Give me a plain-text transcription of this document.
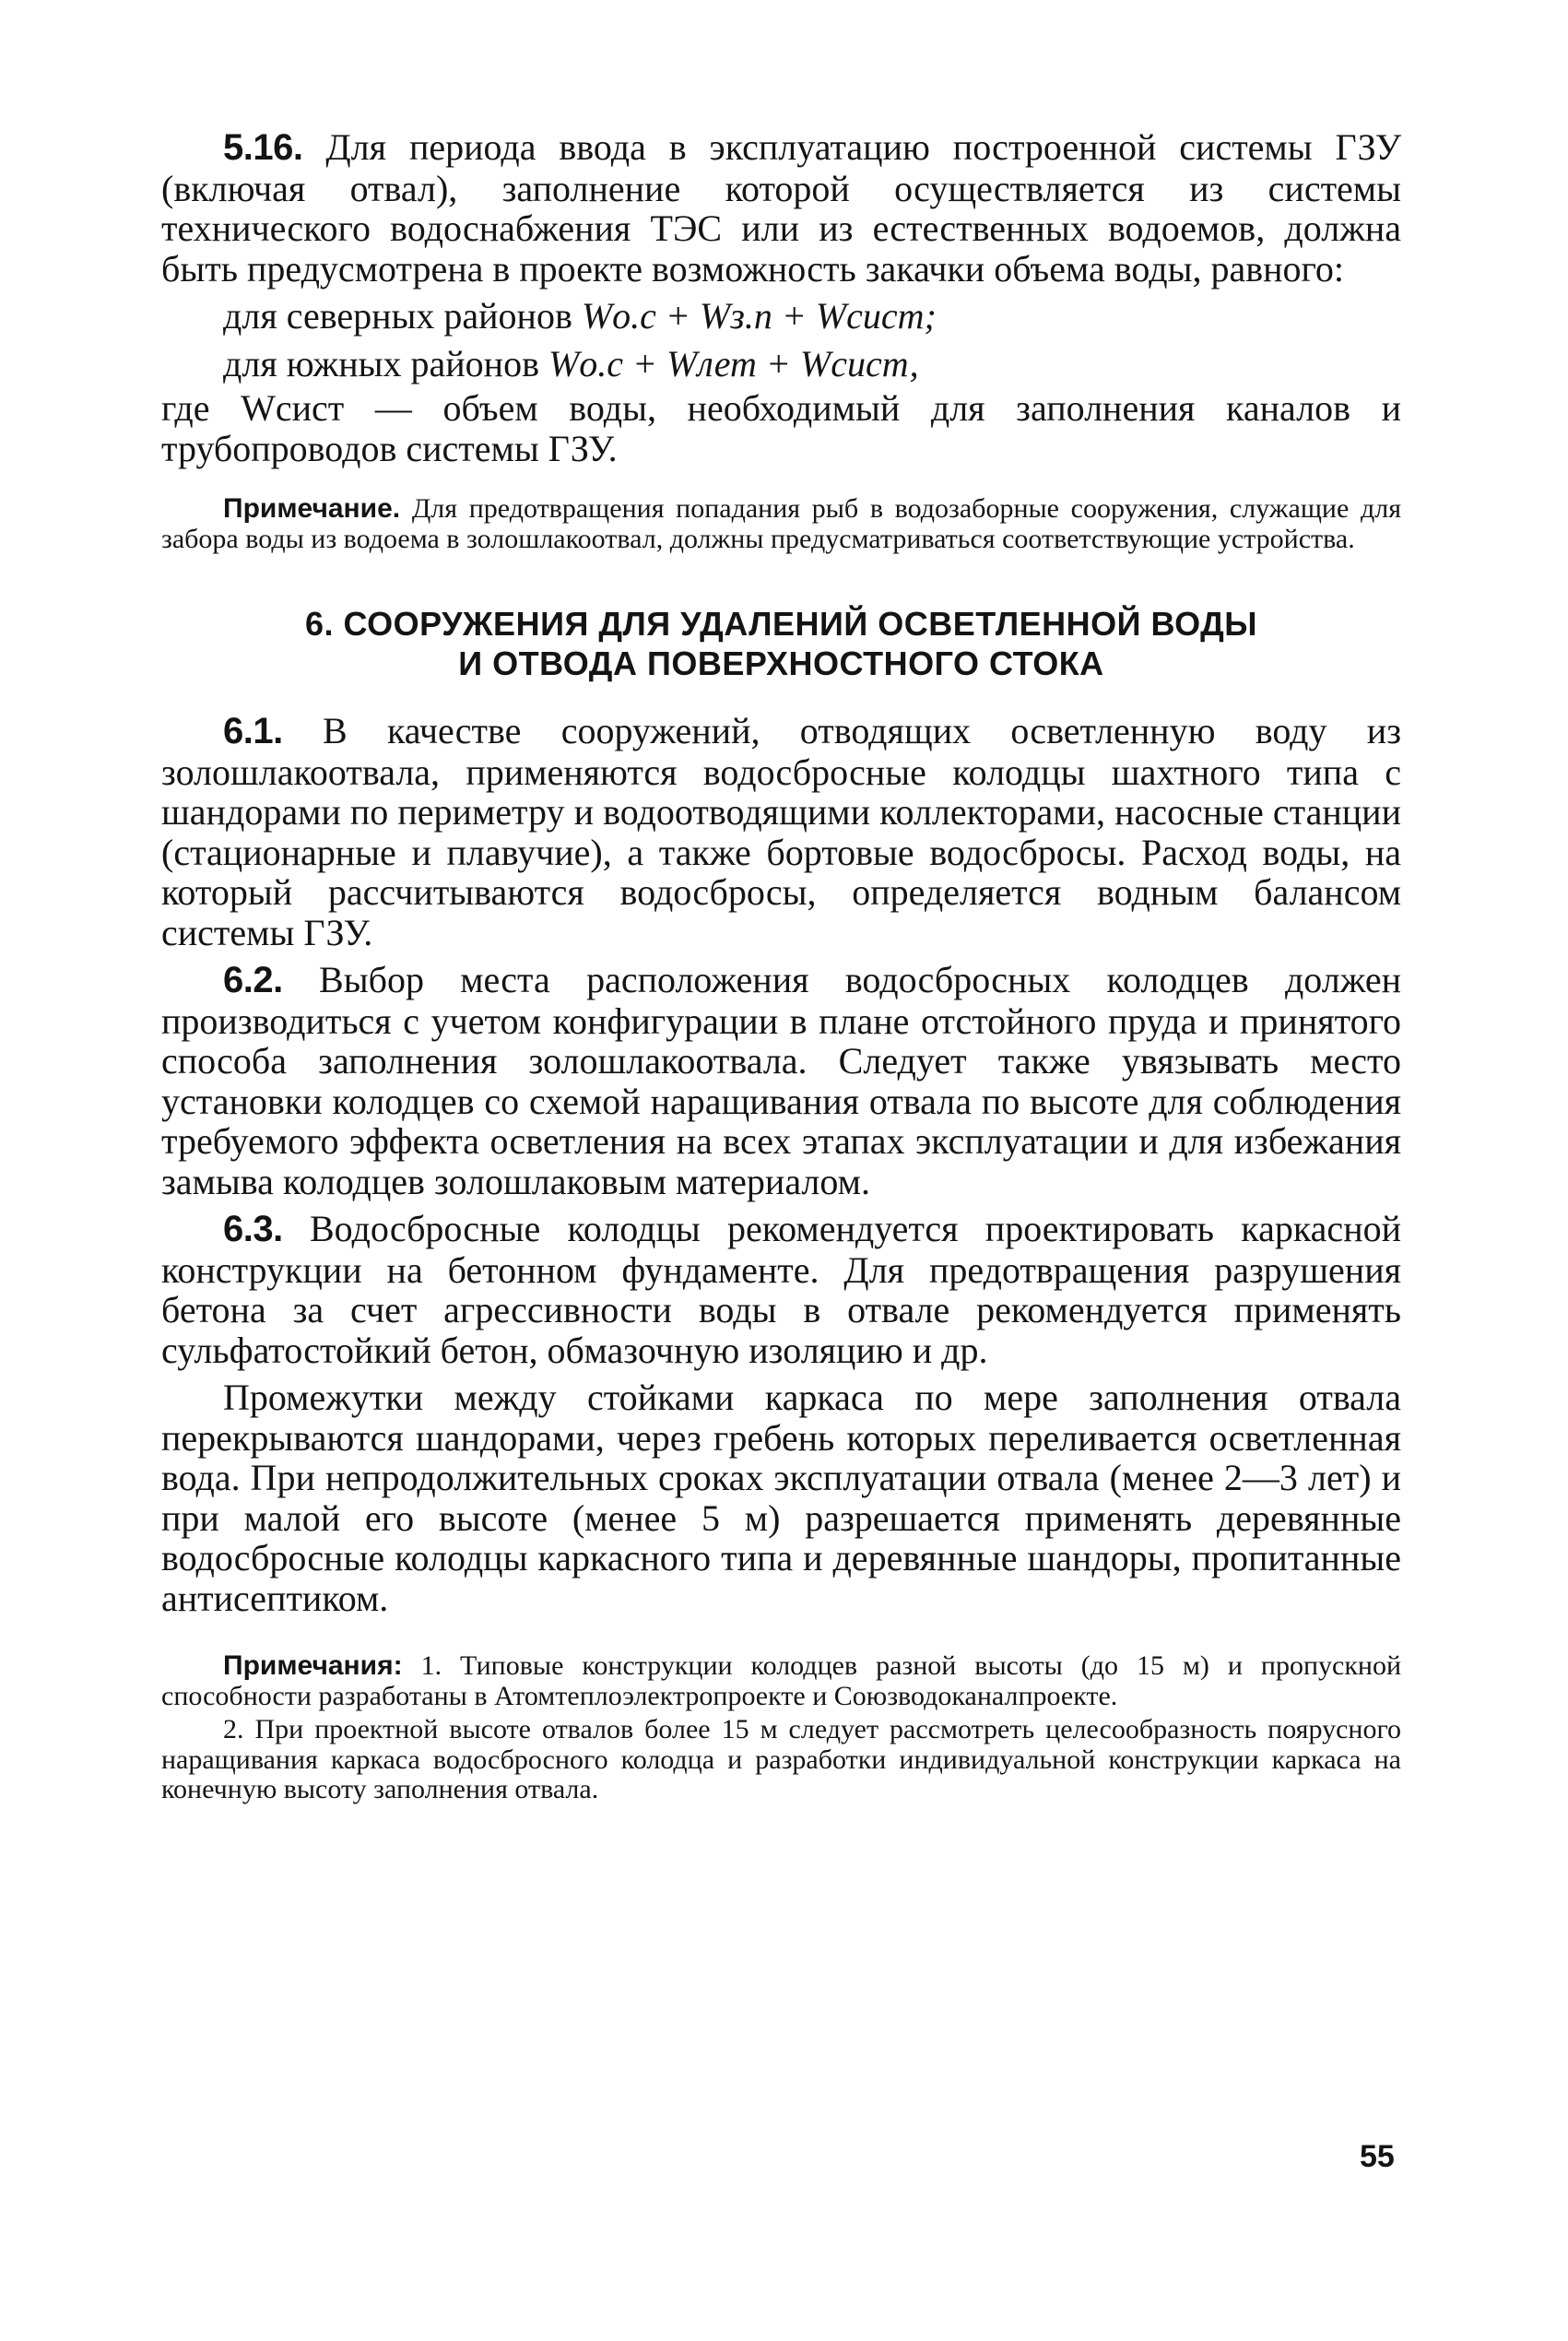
5.16. Для периода ввода в эксплуатацию построенной системы ГЗУ (включая отвал), заполнение которой осуществляется из системы технического водоснабжения ТЭС или из естественных водоемов, должна быть предусмотрена в проекте возможность закачки объема воды, равного:

для северных районов Wо.с + Wз.п + Wсист;
для южных районов Wо.с + Wлет + Wсист,

где Wсист — объем воды, необходимый для заполнения каналов и трубопроводов системы ГЗУ.

Примечание. Для предотвращения попадания рыб в водозаборные сооружения, служащие для забора воды из водоема в золошлакоотвал, должны предусматриваться соответствующие устройства.

6. СООРУЖЕНИЯ ДЛЯ УДАЛЕНИЙ ОСВЕТЛЕННОЙ ВОДЫ

И ОТВОДА ПОВЕРХНОСТНОГО СТОКА

6.1. В качестве сооружений, отводящих осветленную воду из золошлакоотвала, применяются водосбросные колодцы шахтного типа с шандорами по периметру и водоотводящими коллекторами, насосные станции (стационарные и плавучие), а также бортовые водосбросы. Расход воды, на который рассчитываются водосбросы, определяется водным балансом системы ГЗУ.

6.2. Выбор места расположения водосбросных колодцев должен производиться с учетом конфигурации в плане отстойного пруда и принятого способа заполнения золошлакоотвала. Следует также увязывать место установки колодцев со схемой наращивания отвала по высоте для соблюдения требуемого эффекта осветления на всех этапах эксплуатации и для избежания замыва колодцев золошлаковым материалом.

6.3. Водосбросные колодцы рекомендуется проектировать каркасной конструкции на бетонном фундаменте. Для предотвращения разрушения бетона за счет агрессивности воды в отвале рекомендуется применять сульфатостойкий бетон, обмазочную изоляцию и др.

Промежутки между стойками каркаса по мере заполнения отвала перекрываются шандорами, через гребень которых переливается осветленная вода. При непродолжительных сроках эксплуатации отвала (менее 2—3 лет) и при малой его высоте (менее 5 м) разрешается применять деревянные водосбросные колодцы каркасного типа и деревянные шандоры, пропитанные антисептиком.

Примечания: 1. Типовые конструкции колодцев разной высоты (до 15 м) и пропускной способности разработаны в Атомтеплоэлектропроекте и Союзводоканалпроекте.

2. При проектной высоте отвалов более 15 м следует рассмотреть целесообразность поярусного наращивания каркаса водосбросного колодца и разработки индивидуальной конструкции каркаса на конечную высоту заполнения отвала.

55
